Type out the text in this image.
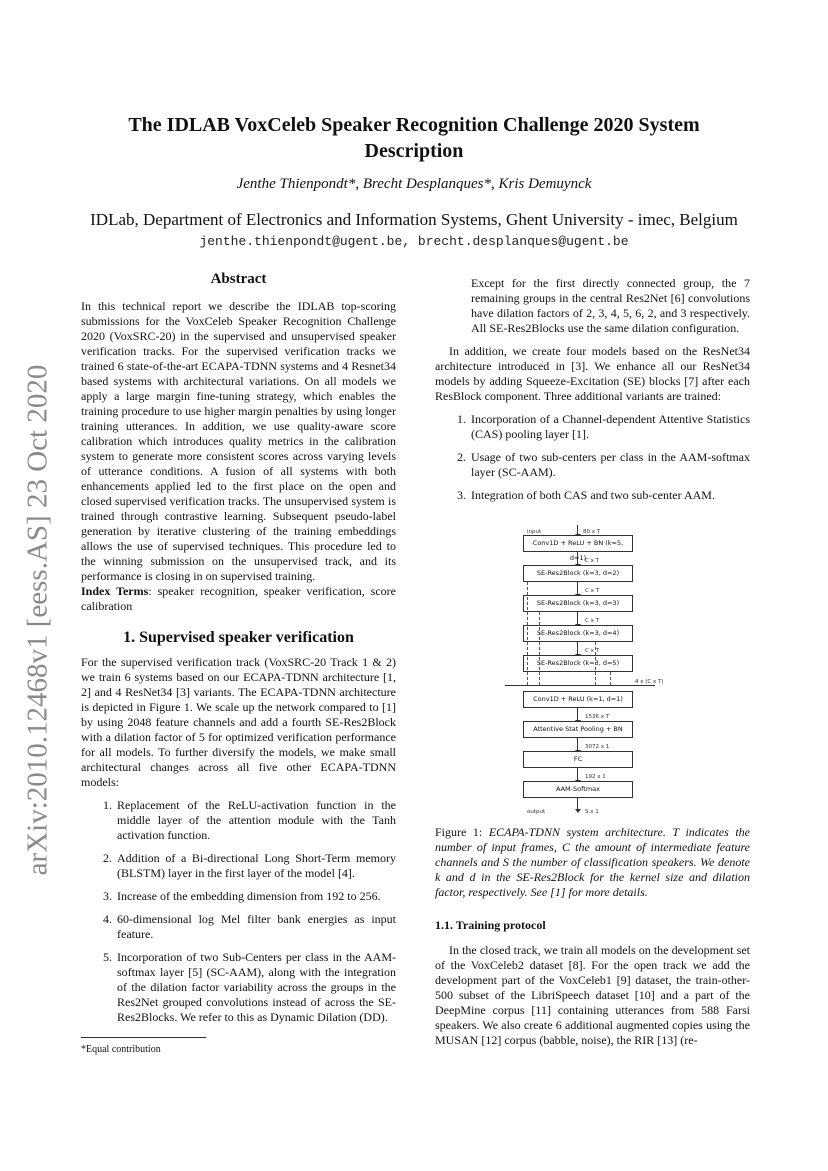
arXiv:2010.12468v1 [eess.AS] 23 Oct 2020
The IDLAB VoxCeleb Speaker Recognition Challenge 2020 System
Description
Jenthe Thienpondt*, Brecht Desplanques*, Kris Demuynck
IDLab, Department of Electronics and Information Systems, Ghent University - imec, Belgium
jenthe.thienpondt@ugent.be, brecht.desplanques@ugent.be
Abstract

In this technical report we describe the IDLAB top-scoring submissions for the VoxCeleb Speaker Recognition Challenge 2020 (VoxSRC-20) in the supervised and unsupervised speaker verification tracks. For the supervised verification tracks we trained 6 state-of-the-art ECAPA-TDNN systems and 4 Resnet34 based systems with architectural variations. On all models we apply a large margin fine-tuning strategy, which enables the training procedure to use higher margin penalties by using longer training utterances. In addition, we use quality-aware score calibration which introduces quality metrics in the calibration system to generate more consistent scores across varying levels of utterance conditions. A fusion of all systems with both enhancements applied led to the first place on the open and closed supervised verification tracks. The unsupervised system is trained through contrastive learning. Subsequent pseudo-label generation by iterative clustering of the training embeddings allows the use of supervised techniques. This procedure led to the winning submission on the unsupervised track, and its performance is closing in on supervised training.

Index Terms: speaker recognition, speaker verification, score calibration

1. Supervised speaker verification

For the supervised verification track (VoxSRC-20 Track 1 & 2) we train 6 systems based on our ECAPA-TDNN architecture [1, 2] and 4 ResNet34 [3] variants. The ECAPA-TDNN architecture is depicted in Figure 1. We scale up the network compared to [1] by using 2048 feature channels and add a fourth SE-Res2Block with a dilation factor of 5 for optimized verification performance for all models. To further diversify the models, we make small architectural changes across all five other ECAPA-TDNN models:

1. Replacement of the ReLU-activation function in the middle layer of the attention module with the Tanh activation function.
2. Addition of a Bi-directional Long Short-Term memory (BLSTM) layer in the first layer of the model [4].
3. Increase of the embedding dimension from 192 to 256.
4. 60-dimensional log Mel filter bank energies as input feature.
5. Incorporation of two Sub-Centers per class in the AAM-softmax layer [5] (SC-AAM), along with the integration of the dilation factor variability across the groups in the Res2Net grouped convolutions instead of across the SE-Res2Blocks. We refer to this as Dynamic Dilation (DD).
*Equal contribution
Except for the first directly connected group, the 7 remaining groups in the central Res2Net [6] convolutions have dilation factors of 2, 3, 4, 5, 6, 2, and 3 respectively. All SE-Res2Blocks use the same dilation configuration.

In addition, we create four models based on the ResNet34 architecture introduced in [3]. We enhance all our ResNet34 models by adding Squeeze-Excitation (SE) blocks [7] after each ResBlock component. Three additional variants are trained:

1. Incorporation of a Channel-dependent Attentive Statistics (CAS) pooling layer [1].
2. Usage of two sub-centers per class in the AAM-softmax layer (SC-AAM).
3. Integration of both CAS and two sub-center AAM.
input	80 x T
Conv1D + ReLU + BN (k=5, d=1)
C x T
SE-Res2Block (k=3, d=2)
C x T
SE-Res2Block (k=3, d=3)
C x T
SE-Res2Block (k=3, d=4)
C x T
SE-Res2Block (k=3, d=5)
4 x (C x T)
Conv1D + ReLU (k=1, d=1)
1536 x T
Attentive Stat Pooling + BN
3072 x 1
FC
192 x 1
AAM-Softmax
output	S x 1
Figure 1: ECAPA-TDNN system architecture. T indicates the number of input frames, C the amount of intermediate feature channels and S the number of classification speakers. We denote k and d in the SE-Res2Block for the kernel size and dilation factor, respectively. See [1] for more details.
1.1. Training protocol

In the closed track, we train all models on the development set of the VoxCeleb2 dataset [8]. For the open track we add the development part of the VoxCeleb1 [9] dataset, the train-other-500 subset of the LibriSpeech dataset [10] and a part of the DeepMine corpus [11] containing utterances from 588 Farsi speakers. We also create 6 additional augmented copies using the MUSAN [12] corpus (babble, noise), the RIR [13] (re-
